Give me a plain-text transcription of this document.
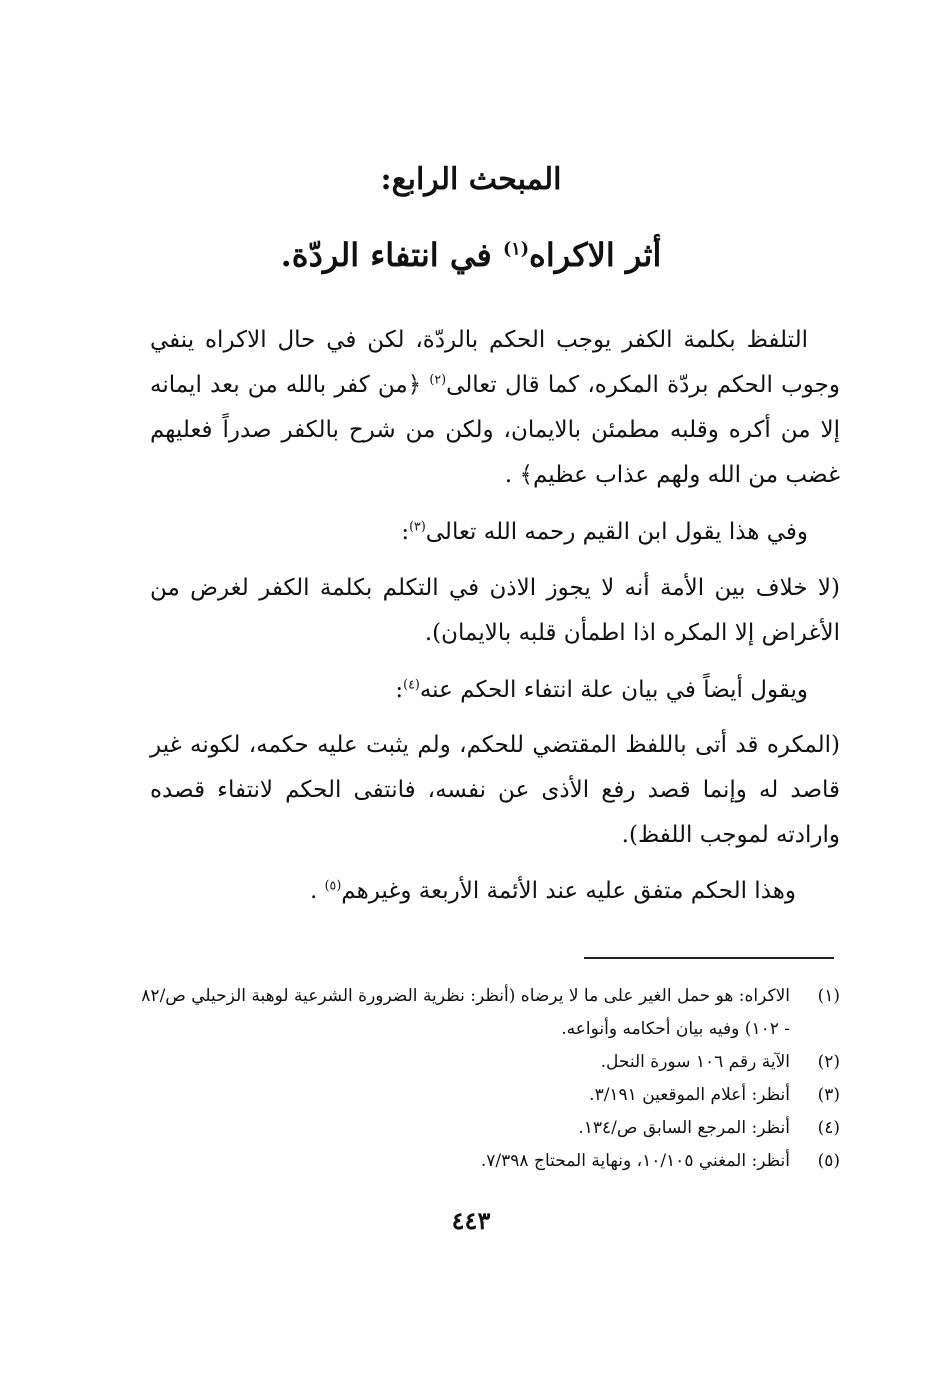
المبحث الرابع:
أثر الاكراه$^{(١)}$ في انتفاء الردّة.
التلفظ بكلمة الكفر يوجب الحكم بالردّة، لكن في حال الاكراه ينفي وجوب الحكم بردّة المكره، كما قال تعالى$^{(٢)}$ ﴿من كفر بالله من بعد ايمانه إلا من أكره وقلبه مطمئن بالايمان، ولكن من شرح بالكفر صدراً فعليهم غضب من الله ولهم عذاب عظيم﴾ .
وفي هذا يقول ابن القيم رحمه الله تعالى$^{(٣)}$:
(لا خلاف بين الأمة أنه لا يجوز الاذن في التكلم بكلمة الكفر لغرض من الأغراض إلا المكره اذا اطمأن قلبه بالايمان).
ويقول أيضاً في بيان علة انتفاء الحكم عنه$^{(٤)}$:
(المكره قد أتى باللفظ المقتضي للحكم، ولم يثبت عليه حكمه، لكونه غير قاصد له وإنما قصد رفع الأذى عن نفسه، فانتفى الحكم لانتفاء قصده وارادته لموجب اللفظ).
وهذا الحكم متفق عليه عند الأئمة الأربعة وغيرهم$^{(٥)}$ .
(١)
الاكراه: هو حمل الغير على ما لا يرضاه (أنظر: نظرية الضرورة الشرعية لوهبة الزحيلي ص/٨٢ - ١٠٢) وفيه بيان أحكامه وأنواعه.
(٢)
الآية رقم ١٠٦ سورة النحل.
(٣)
أنظر: أعلام الموقعين ٣/١٩١.
(٤)
أنظر: المرجع السابق ص/١٣٤.
(٥)
أنظر: المغني ١٠/١٠٥، ونهاية المحتاج ٧/٣٩٨.
٤٤٣
